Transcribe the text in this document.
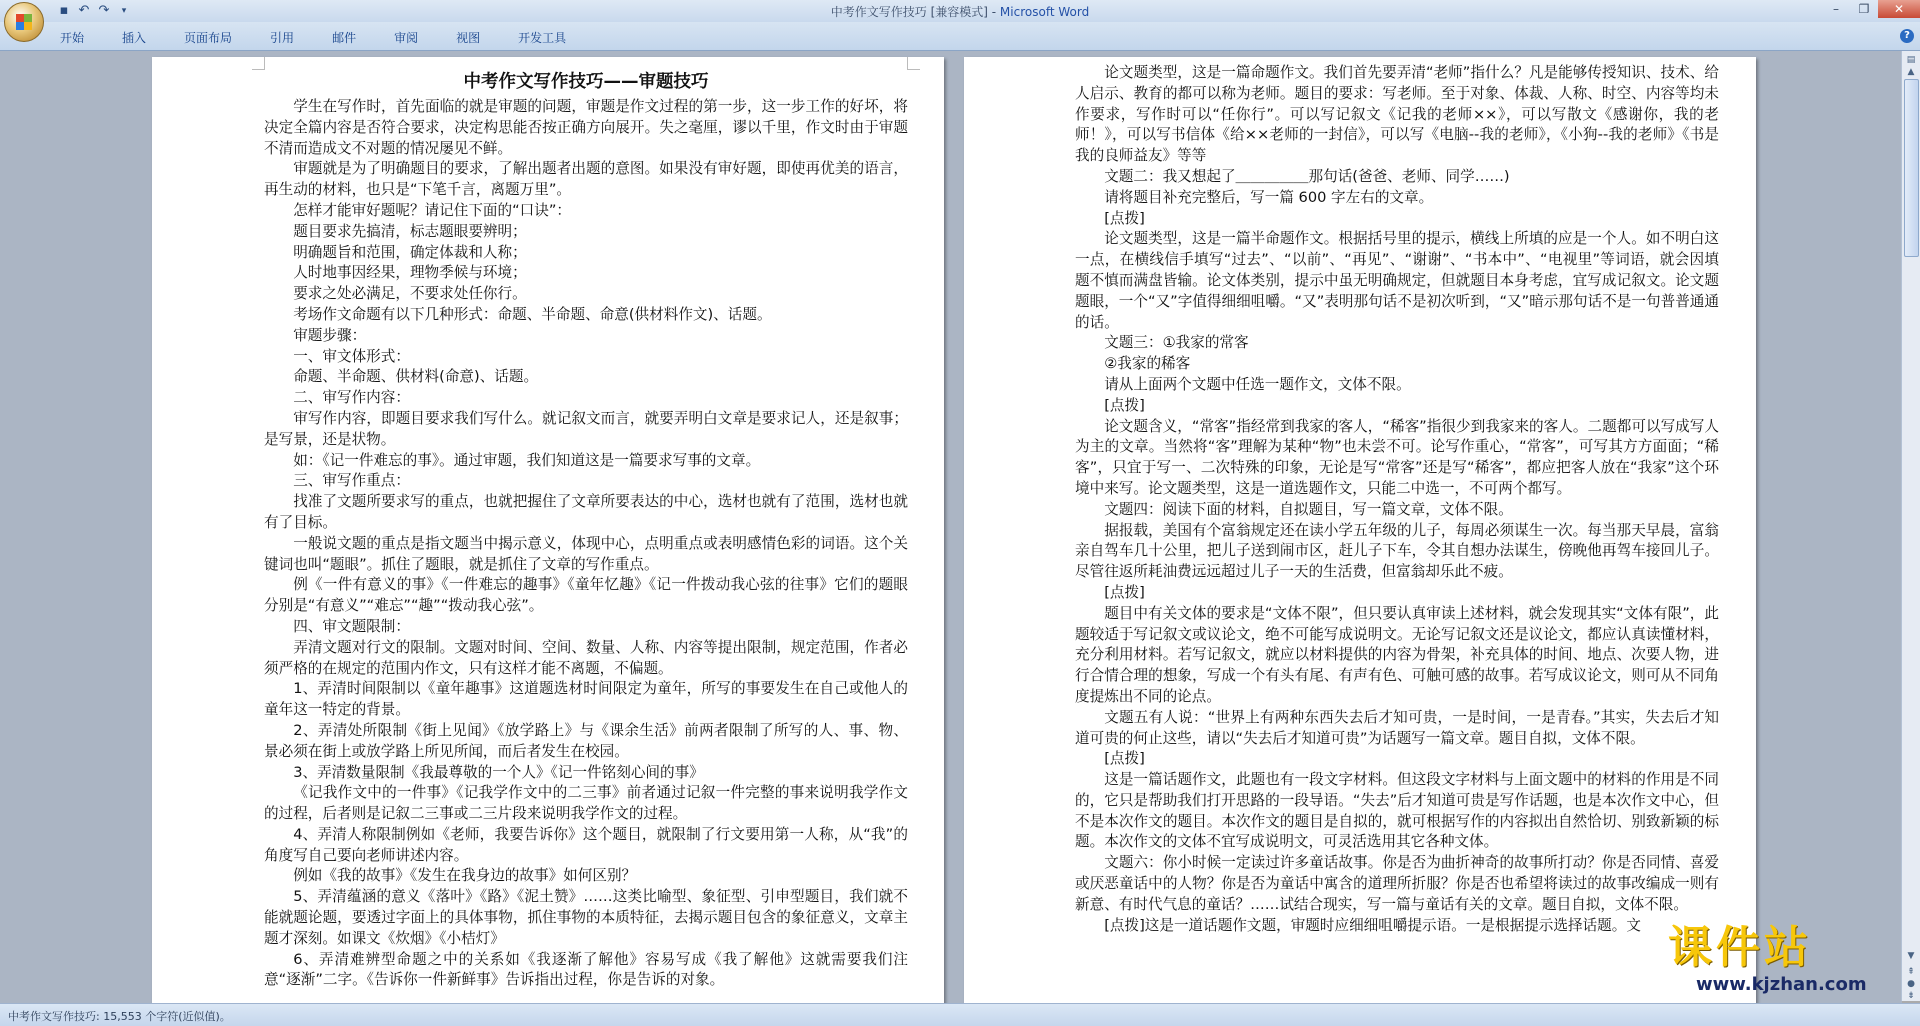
▪ ↶ ↷	▾	中考作文写作技巧 [兼容模式] - Microsoft Word	–	❐	✕
开始	插入	页面布局	引用	邮件	审阅	视图	开发工具	?

中考作文写作技巧——审题技巧

学生在写作时，首先面临的就是审题的问题，审题是作文过程的第一步，这一步工作的好坏，将决定全篇内容是否符合要求，决定构思能否按正确方向展开。失之毫厘，谬以千里，作文时由于审题不清而造成文不对题的情况屡见不鲜。

审题就是为了明确题目的要求，了解出题者出题的意图。如果没有审好题，即使再优美的语言，再生动的材料，也只是“下笔千言，离题万里”。

怎样才能审好题呢？请记住下面的“口诀”：

题目要求先搞清，标志题眼要辨明；

明确题旨和范围，确定体裁和人称；

人时地事因经果，理物季候与环境；

要求之处必满足，不要求处任你行。

考场作文命题有以下几种形式：命题、半命题、命意(供材料作文)、话题。

审题步骤：

一、审文体形式：

命题、半命题、供材料(命意)、话题。

二、审写作内容：

审写作内容，即题目要求我们写什么。就记叙文而言，就要弄明白文章是要求记人，还是叙事；是写景，还是状物。

如：《记一件难忘的事》。通过审题，我们知道这是一篇要求写事的文章。

三、审写作重点：

找准了文题所要求写的重点，也就把握住了文章所要表达的中心，选材也就有了范围，选材也就有了目标。

一般说文题的重点是指文题当中揭示意义，体现中心，点明重点或表明感情色彩的词语。这个关键词也叫“题眼”。抓住了题眼，就是抓住了文章的写作重点。

例《一件有意义的事》《一件难忘的趣事》《童年忆趣》《记一件拨动我心弦的往事》它们的题眼分别是“有意义”“难忘”“趣”“拨动我心弦”。

四、审文题限制：

弄清文题对行文的限制。文题对时间、空间、数量、人称、内容等提出限制，规定范围，作者必须严格的在规定的范围内作文，只有这样才能不离题，不偏题。

1、弄清时间限制以《童年趣事》这道题选材时间限定为童年，所写的事要发生在自己或他人的童年这一特定的背景。

2、弄清处所限制《街上见闻》《放学路上》与《课余生活》前两者限制了所写的人、事、物、景必须在街上或放学路上所见所闻，而后者发生在校园。

3、弄清数量限制《我最尊敬的一个人》《记一件铭刻心间的事》

《记我作文中的一件事》《记我学作文中的二三事》前者通过记叙一件完整的事来说明我学作文的过程，后者则是记叙二三事或二三片段来说明我学作文的过程。

4、弄清人称限制例如《老师，我要告诉你》这个题目，就限制了行文要用第一人称，从“我”的角度写自己要向老师讲述内容。

例如《我的故事》《发生在我身边的故事》如何区别？

5、弄清蕴涵的意义《落叶》《路》《泥土赞》……这类比喻型、象征型、引申型题目，我们就不能就题论题，要透过字面上的具体事物，抓住事物的本质特征，去揭示题目包含的象征意义，文章主题才深刻。如课文《炊烟》《小桔灯》

6、弄清难辨型命题之中的关系如《我逐渐了解他》容易写成《我了解他》这就需要我们注意“逐渐”二字。《告诉你一件新鲜事》告诉指出过程，你是告诉的对象。

论文题类型，这是一篇命题作文。我们首先要弄清“老师”指什么？凡是能够传授知识、技术、给人启示、教育的都可以称为老师。题目的要求：写老师。至于对象、体裁、人称、时空、内容等均未作要求，写作时可以“任你行”。可以写记叙文《记我的老师××》，可以写散文《感谢你，我的老师！》，可以写书信体《给××老师的一封信》，可以写《电脑--我的老师》，《小狗--我的老师》《书是我的良师益友》等等

文题二：我又想起了＿＿＿＿＿那句话(爸爸、老师、同学……)

请将题目补充完整后，写一篇 600 字左右的文章。

[点拨]

论文题类型，这是一篇半命题作文。根据括号里的提示，横线上所填的应是一个人。如不明白这一点，在横线信手填写“过去”、“以前”、“再见”、“谢谢”、“书本中”、“电视里”等词语，就会因填题不慎而满盘皆输。论文体类别，提示中虽无明确规定，但就题目本身考虑，宜写成记叙文。论文题题眼，一个“又”字值得细细咀嚼。“又”表明那句话不是初次听到，“又”暗示那句话不是一句普普通通的话。

文题三：①我家的常客

②我家的稀客

请从上面两个文题中任选一题作文，文体不限。

[点拨]

论文题含义，“常客”指经常到我家的客人，“稀客”指很少到我家来的客人。二题都可以写成写人为主的文章。当然将“客”理解为某种“物”也未尝不可。论写作重心，“常客”，可写其方方面面；“稀客”，只宜于写一、二次特殊的印象，无论是写“常客”还是写“稀客”，都应把客人放在“我家”这个环境中来写。论文题类型，这是一道选题作文，只能二中选一，不可两个都写。

文题四：阅读下面的材料，自拟题目，写一篇文章，文体不限。

据报载，美国有个富翁规定还在读小学五年级的儿子，每周必须谋生一次。每当那天早晨，富翁亲自驾车几十公里，把儿子送到闹市区，赶儿子下车，令其自想办法谋生，傍晚他再驾车接回儿子。尽管往返所耗油费远远超过儿子一天的生活费，但富翁却乐此不疲。

[点拨]

题目中有关文体的要求是“文体不限”，但只要认真审读上述材料，就会发现其实“文体有限”，此题较适于写记叙文或议论文，绝不可能写成说明文。无论写记叙文还是议论文，都应认真读懂材料，充分利用材料。若写记叙文，就应以材料提供的内容为骨架，补充具体的时间、地点、次要人物，进行合情合理的想象，写成一个有头有尾、有声有色、可触可感的故事。若写成议论文，则可从不同角度提炼出不同的论点。

文题五有人说：“世界上有两种东西失去后才知可贵，一是时间，一是青春。”其实，失去后才知道可贵的何止这些，请以“失去后才知道可贵”为话题写一篇文章。题目自拟，文体不限。

[点拨]

这是一篇话题作文，此题也有一段文字材料。但这段文字材料与上面文题中的材料的作用是不同的，它只是帮助我们打开思路的一段导语。“失去”后才知道可贵是写作话题，也是本次作文中心，但不是本次作文的题目。本次作文的题目是自拟的，就可根据写作的内容拟出自然恰切、别致新颖的标题。本次作文的文体不宜写成说明文，可灵活选用其它各种文体。

文题六：你小时候一定读过许多童话故事。你是否为曲折神奇的故事所打动？你是否同情、喜爱或厌恶童话中的人物？你是否为童话中寓含的道理所折服？你是否也希望将读过的故事改编成一则有新意、有时代气息的童话？……试结合现实，写一篇与童话有关的文章。题目自拟，文体不限。

[点拨]这是一道话题作文题，审题时应细细咀嚼提示语。一是根据提示选择话题。文

▤
▲
▼
⇞
●
⇟
中考作文写作技巧: 15,553 个字符(近似值)。
课件站
www.kjzhan.com
